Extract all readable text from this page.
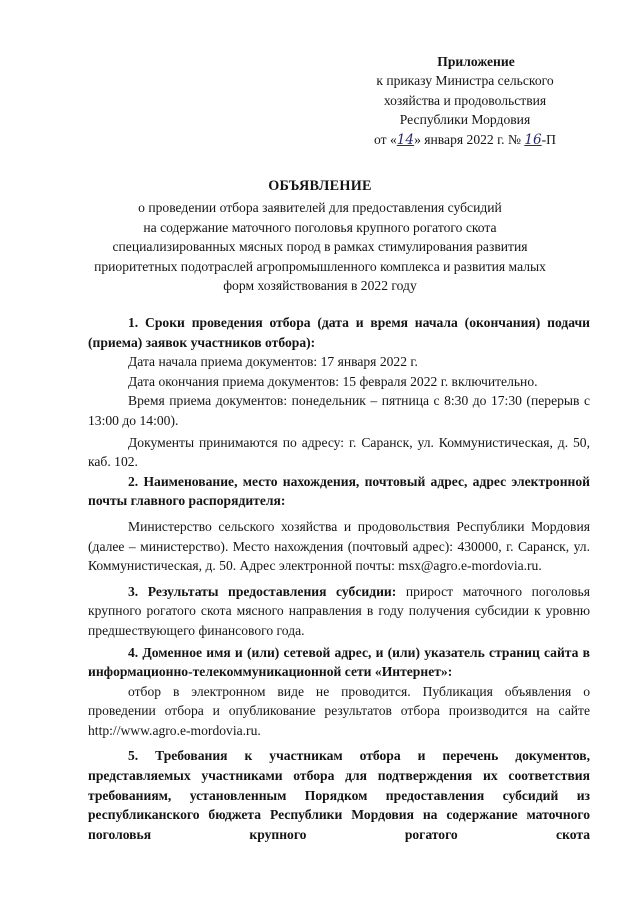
Приложение
к приказу Министра сельского
хозяйства и продовольствия
Республики Мордовия
от «14» января 2022 г. № 16-П
ОБЪЯВЛЕНИЕ
о проведении отбора заявителей для предоставления субсидий
на содержание маточного поголовья крупного рогатого скота
специализированных мясных пород в рамках стимулирования развития
приоритетных подотраслей агропромышленного комплекса и развития малых
форм хозяйствования в 2022 году

1. Сроки проведения отбора (дата и время начала (окончания) подачи (приема) заявок участников отбора):

Дата начала приема документов: 17 января 2022 г.

Дата окончания приема документов: 15 февраля 2022 г. включительно.

Время приема документов: понедельник – пятница с 8:30 до 17:30 (перерыв с 13:00 до 14:00).

Документы принимаются по адресу: г. Саранск, ул. Коммунистическая, д. 50, каб. 102.

2. Наименование, место нахождения, почтовый адрес, адрес электронной почты главного распорядителя:

Министерство сельского хозяйства и продовольствия Республики Мордовия (далее – министерство). Место нахождения (почтовый адрес): 430000, г. Саранск, ул. Коммунистическая, д. 50. Адрес электронной почты: msx@agro.e-mordovia.ru.

3. Результаты предоставления субсидии: прирост маточного поголовья крупного рогатого скота мясного направления в году получения субсидии к уровню предшествующего финансового года.

4. Доменное имя и (или) сетевой адрес, и (или) указатель страниц сайта в информационно-телекоммуникационной сети «Интернет»:

отбор в электронном виде не проводится. Публикация объявления о проведении отбора и опубликование результатов отбора производится на сайте http://www.agro.e-mordovia.ru.

5. Требования к участникам отбора и перечень документов, представляемых участниками отбора для подтверждения их соответствия требованиям, установленным Порядком предоставления субсидий из республиканского бюджета Республики Мордовия на содержание маточного поголовья крупного рогатого скота
